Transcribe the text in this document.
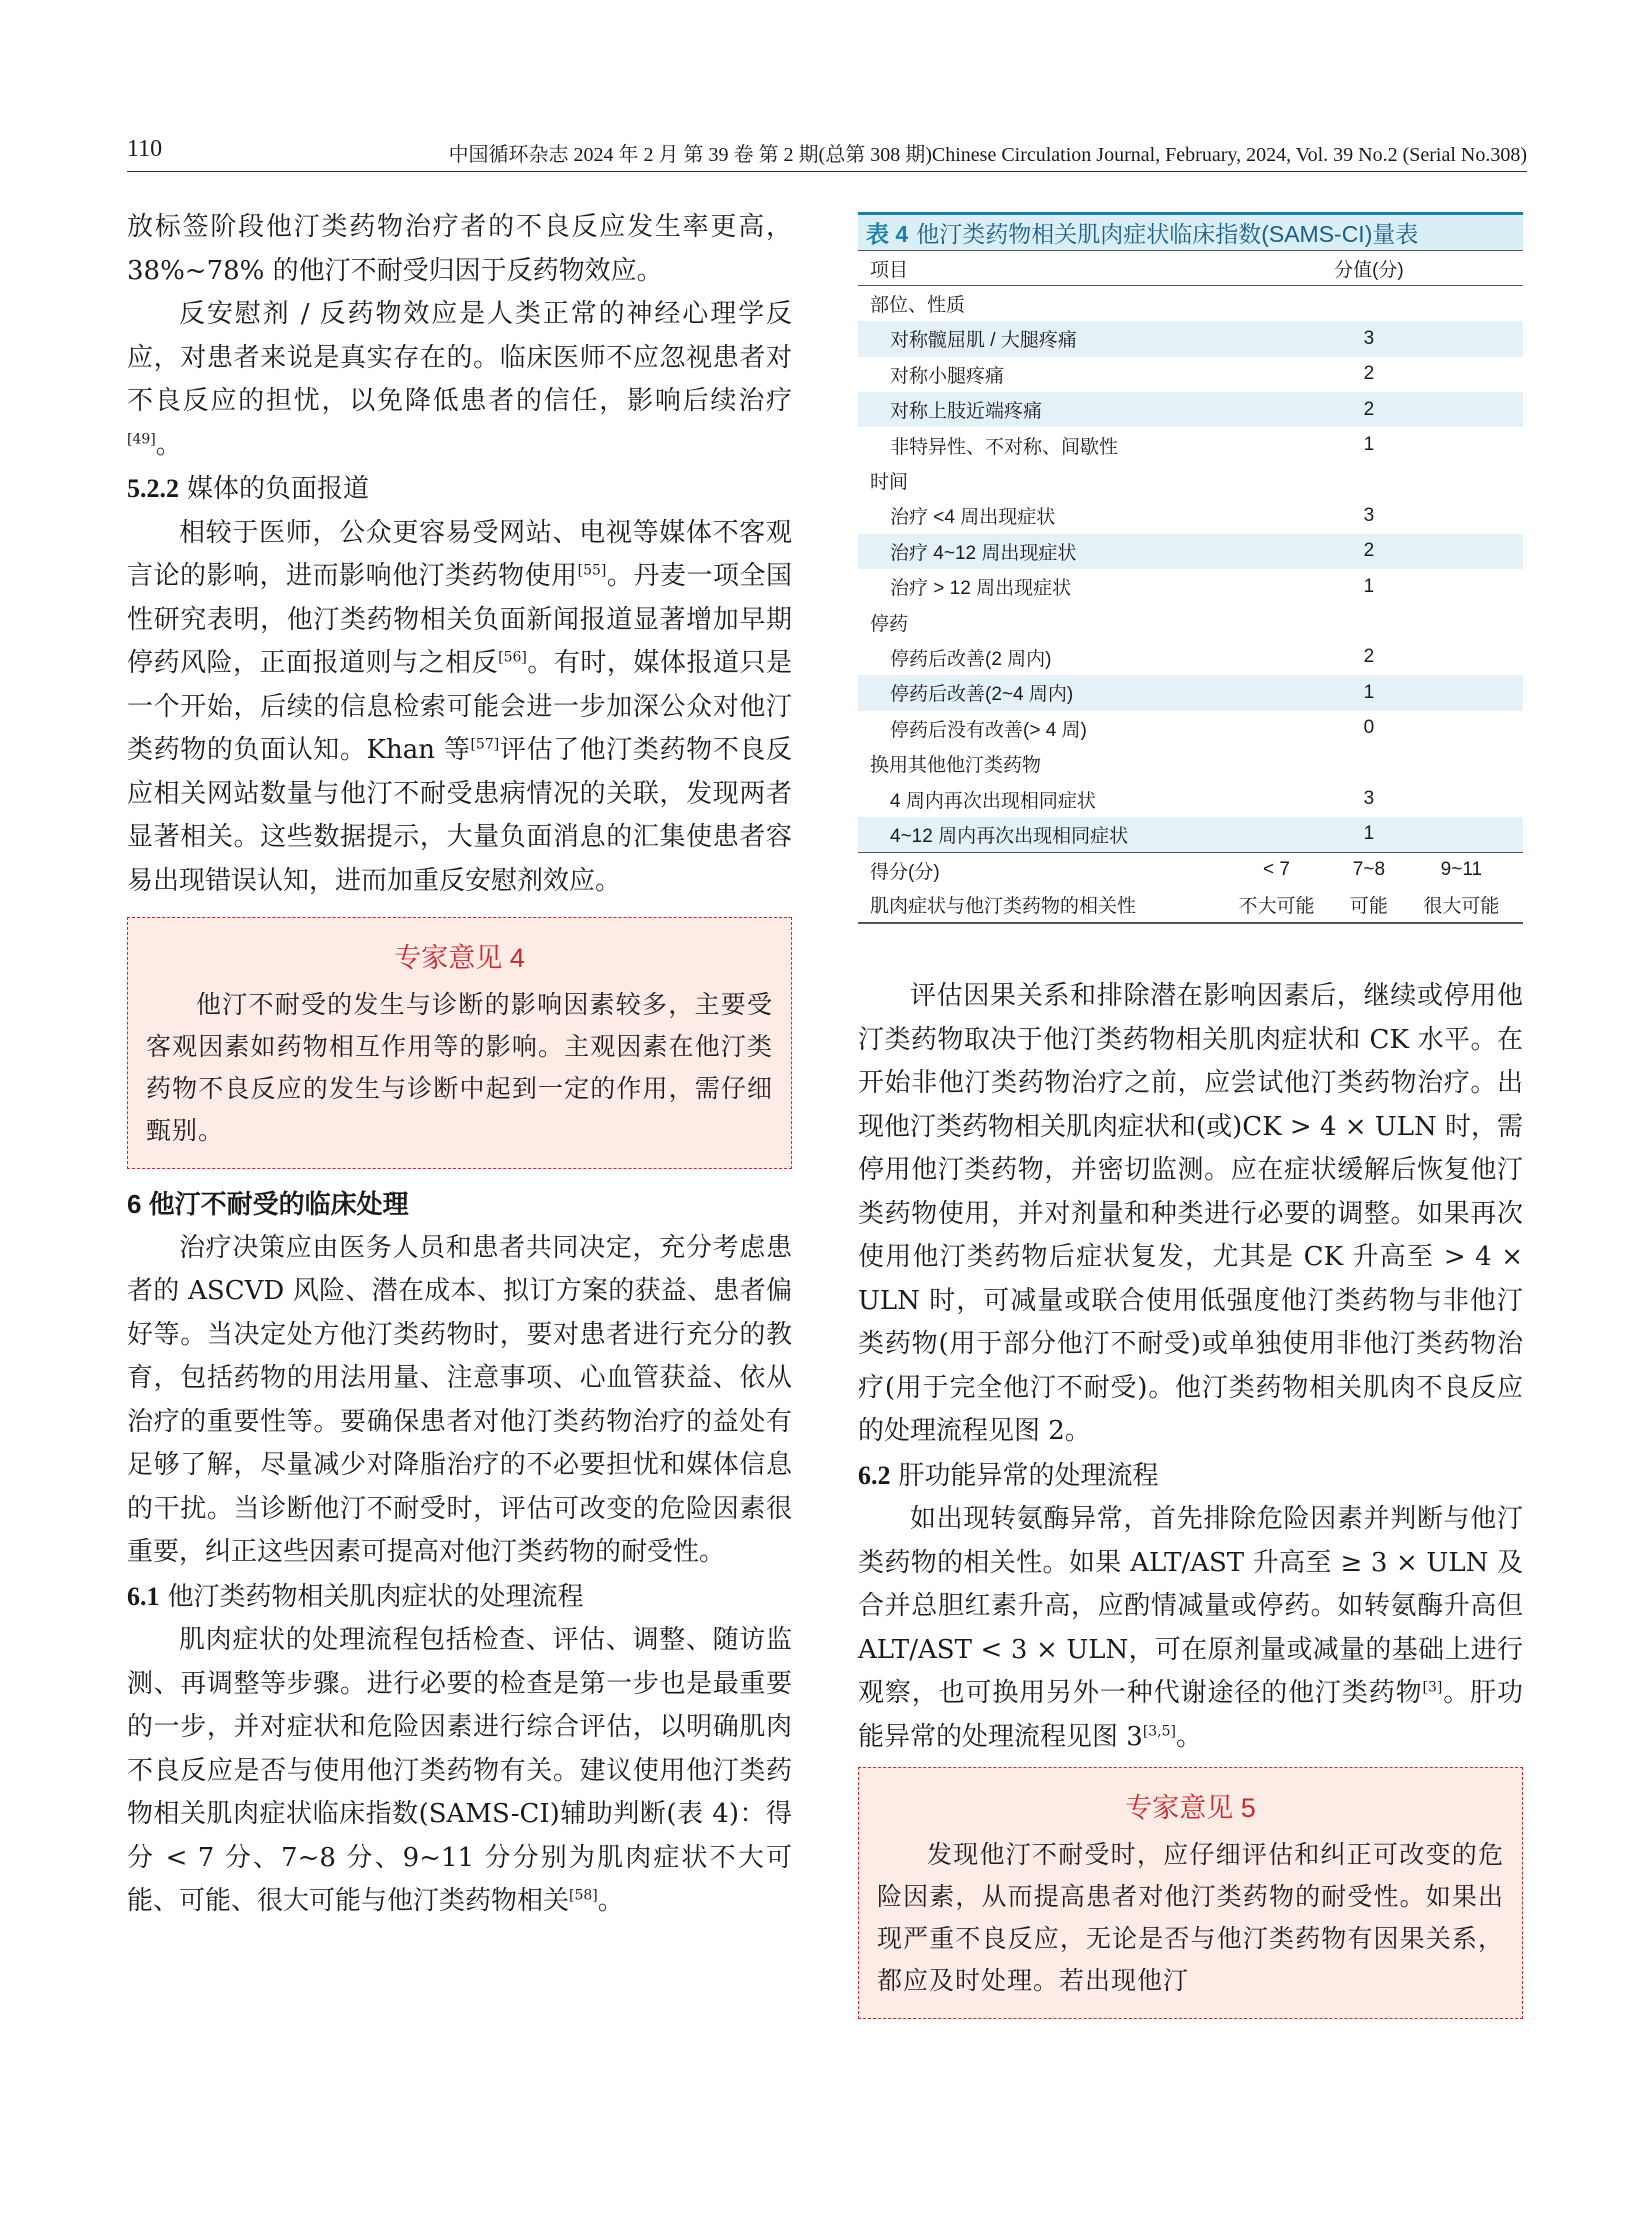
110	中国循环杂志 2024 年 2 月 第 39 卷 第 2 期(总第 308 期)Chinese Circulation Journal, February, 2024, Vol. 39 No.2 (Serial No.308)

放标签阶段他汀类药物治疗者的不良反应发生率更高，38%~78% 的他汀不耐受归因于反药物效应。

反安慰剂 / 反药物效应是人类正常的神经心理学反应，对患者来说是真实存在的。临床医师不应忽视患者对不良反应的担忧，以免降低患者的信任，影响后续治疗[49]。

5.2.2 媒体的负面报道

相较于医师，公众更容易受网站、电视等媒体不客观言论的影响，进而影响他汀类药物使用[55]。丹麦一项全国性研究表明，他汀类药物相关负面新闻报道显著增加早期停药风险，正面报道则与之相反[56]。有时，媒体报道只是一个开始，后续的信息检索可能会进一步加深公众对他汀类药物的负面认知。Khan 等[57]评估了他汀类药物不良反应相关网站数量与他汀不耐受患病情况的关联，发现两者显著相关。这些数据提示，大量负面消息的汇集使患者容易出现错误认知，进而加重反安慰剂效应。

专家意见 4

他汀不耐受的发生与诊断的影响因素较多，主要受客观因素如药物相互作用等的影响。主观因素在他汀类药物不良反应的发生与诊断中起到一定的作用，需仔细甄别。

6 他汀不耐受的临床处理

治疗决策应由医务人员和患者共同决定，充分考虑患者的 ASCVD 风险、潜在成本、拟订方案的获益、患者偏好等。当决定处方他汀类药物时，要对患者进行充分的教育，包括药物的用法用量、注意事项、心血管获益、依从治疗的重要性等。要确保患者对他汀类药物治疗的益处有足够了解，尽量减少对降脂治疗的不必要担忧和媒体信息的干扰。当诊断他汀不耐受时，评估可改变的危险因素很重要，纠正这些因素可提高对他汀类药物的耐受性。

6.1 他汀类药物相关肌肉症状的处理流程

肌肉症状的处理流程包括检查、评估、调整、随访监测、再调整等步骤。进行必要的检查是第一步也是最重要的一步，并对症状和危险因素进行综合评估，以明确肌肉不良反应是否与使用他汀类药物有关。建议使用他汀类药物相关肌肉症状临床指数(SAMS-CI)辅助判断(表 4)：得分 < 7 分、7~8 分、9~11 分分别为肌肉症状不大可能、可能、很大可能与他汀类药物相关[58]。

表 4 他汀类药物相关肌肉症状临床指数(SAMS-CI)量表
项目	分值(分)		
部位、性质			
对称髋屈肌 / 大腿疼痛	3		
对称小腿疼痛	2		
对称上肢近端疼痛	2		
非特异性、不对称、间歇性	1		
时间			
治疗 <4 周出现症状	3		
治疗 4~12 周出现症状	2		
治疗 > 12 周出现症状	1		
停药			
停药后改善(2 周内)	2		
停药后改善(2~4 周内)	1		
停药后没有改善(> 4 周)	0		
换用其他他汀类药物			
4 周内再次出现相同症状	3		
4~12 周内再次出现相同症状	1		
得分(分)	< 7	7~8	9~11
肌肉症状与他汀类药物的相关性	不大可能	可能	很大可能

评估因果关系和排除潜在影响因素后，继续或停用他汀类药物取决于他汀类药物相关肌肉症状和 CK 水平。在开始非他汀类药物治疗之前，应尝试他汀类药物治疗。出现他汀类药物相关肌肉症状和(或)CK > 4 × ULN 时，需停用他汀类药物，并密切监测。应在症状缓解后恢复他汀类药物使用，并对剂量和种类进行必要的调整。如果再次使用他汀类药物后症状复发，尤其是 CK 升高至 > 4 × ULN 时，可减量或联合使用低强度他汀类药物与非他汀类药物(用于部分他汀不耐受)或单独使用非他汀类药物治疗(用于完全他汀不耐受)。他汀类药物相关肌肉不良反应的处理流程见图 2。

6.2 肝功能异常的处理流程

如出现转氨酶异常，首先排除危险因素并判断与他汀类药物的相关性。如果 ALT/AST 升高至 ≥ 3 × ULN 及合并总胆红素升高，应酌情减量或停药。如转氨酶升高但 ALT/AST < 3 × ULN，可在原剂量或减量的基础上进行观察，也可换用另外一种代谢途径的他汀类药物[3]。肝功能异常的处理流程见图 3[3,5]。

专家意见 5

发现他汀不耐受时，应仔细评估和纠正可改变的危险因素，从而提高患者对他汀类药物的耐受性。如果出现严重不良反应，无论是否与他汀类药物有因果关系，都应及时处理。若出现他汀
